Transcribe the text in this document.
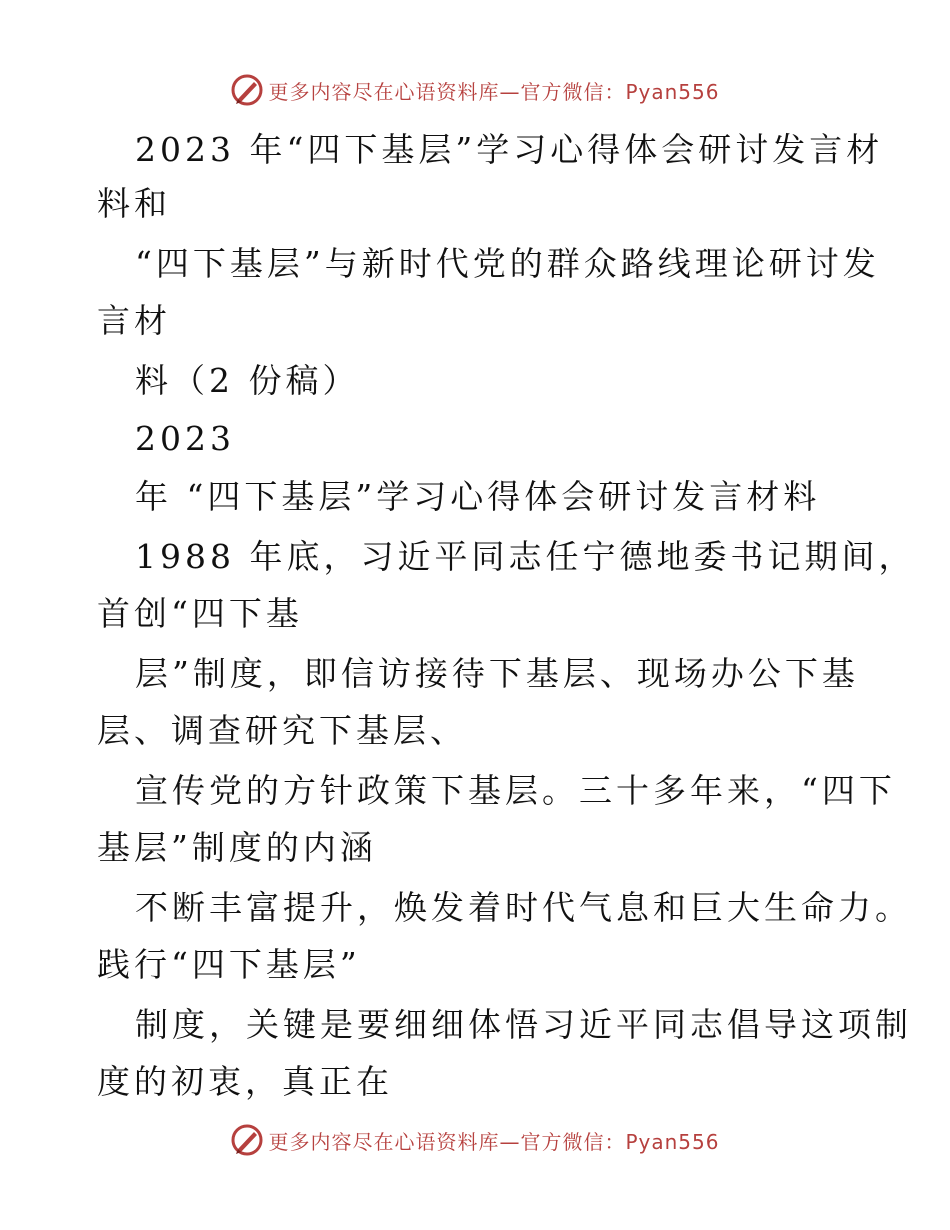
更多内容尽在心语资料库—官方微信：Pyan556
2023 年“四下基层”学习心得体会研讨发言材
料和
“四下基层”与新时代党的群众路线理论研讨发
言材
料（2 份稿）
2023
年 “四下基层”学习心得体会研讨发言材料
1988 年底，习近平同志任宁德地委书记期间，
首创“四下基
层”制度，即信访接待下基层、现场办公下基
层、调查研究下基层、
宣传党的方针政策下基层。三十多年来，“四下
基层”制度的内涵
不断丰富提升，焕发着时代气息和巨大生命力。
践行“四下基层”
制度，关键是要细细体悟习近平同志倡导这项制
度的初衷，真正在
更多内容尽在心语资料库—官方微信：Pyan556
